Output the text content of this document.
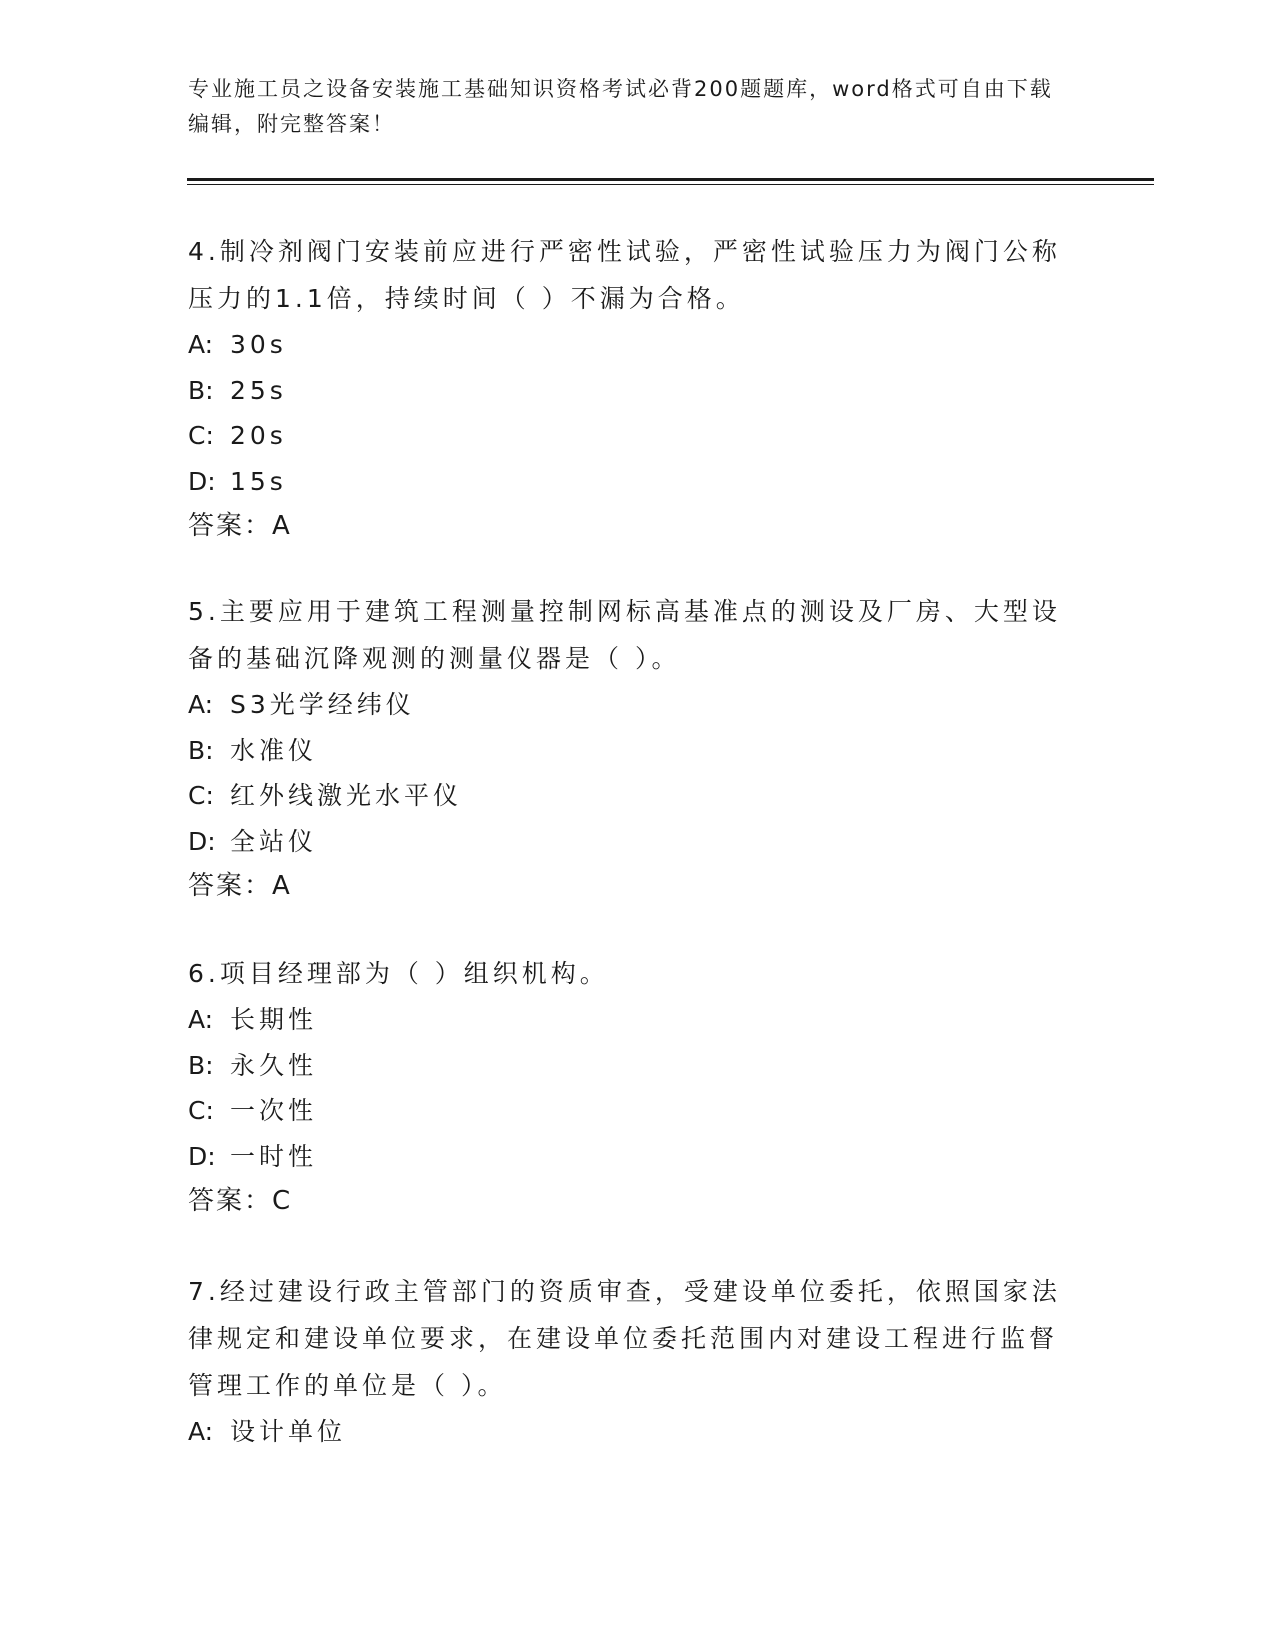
专业施工员之设备安装施工基础知识资格考试必背200题题库，word格式可自由下载编辑，附完整答案！

4.制冷剂阀门安装前应进行严密性试验，严密性试验压力为阀门公称压力的1.1倍，持续时间（ ）不漏为合格。

A: 30s

B: 25s

C: 20s

D: 15s

答案：A

5.主要应用于建筑工程测量控制网标高基准点的测设及厂房、大型设备的基础沉降观测的测量仪器是（ ）。

A: S3光学经纬仪

B: 水准仪

C: 红外线激光水平仪

D: 全站仪

答案：A

6.项目经理部为（ ）组织机构。

A: 长期性

B: 永久性

C: 一次性

D: 一时性

答案：C

7.经过建设行政主管部门的资质审查，受建设单位委托，依照国家法律规定和建设单位要求，在建设单位委托范围内对建设工程进行监督管理工作的单位是（ ）。

A: 设计单位
